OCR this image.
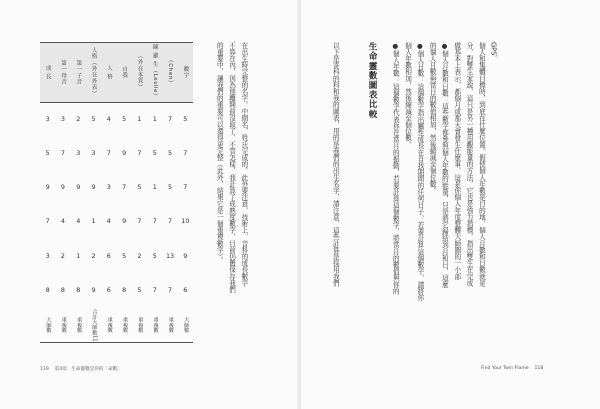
數字
5
7
7
10
9
6
大師數
（Chen）
7
5
5
7
13
7
重複數
陳 羅 生（Leslie）
1
5
1
7
5
7
重複數
（外在本質）
1
7
5
7
2
5
重複數
自我
5
9
7
9
5
8
重複數
人 格
4
7
3
4
6
6
重複數
人格（外在外表）
5
3
9
1
2
9
合計大師數11
第一子音
2
3
9
4
1
8
重複數
第一母音
3
7
9
4
2
8
重複數
成 長
3
5
9
7
3
8
大師數
在出生時完整的名字。中間名，姓氏完成的。此外要注意，技術上，音科的成長數字
不算在內，因為他離開前沒取了，不管怎樣，我計算了成熟度數字，目前仍舊保存我們
的重要中，讓我們的重要可以還得更完整（此外，結果它是一個重複數字）。
119 第4章：生命靈數是你的「命數」
以下是寄科的科和我的圖表，用的是我們的出生名字，請注意，這些計算是採用我們	生命靈數圖表比較	GPS。
個人和集體目標時，到底在什麼位置。假使個人年數是目的地，個人月數和日數就是
分，對雙生家說，這只是另一種用觀能量的方法，它也是強力指標，指出雙生在完成
做基本上表示，都個月或那天會發生什麼事，這是你個人年度整體大師圖的一小部
●個人月數和日數：這些數字都參照個人年數的能量，只是將它歸結到月和日，這麼
的個人月數與當日的數值相加，然後縮減至個位數。
●個人日數：這個數字指出屬性成長在自我期間的任何日子，若要計算這個數字，請將你
個人年數相加，然後縮減至個位數。
●個人年數：這個數字代表你在當月的振動，若要計算這個數字，將當月的數值與你的
Find Your Twin Flame 118
